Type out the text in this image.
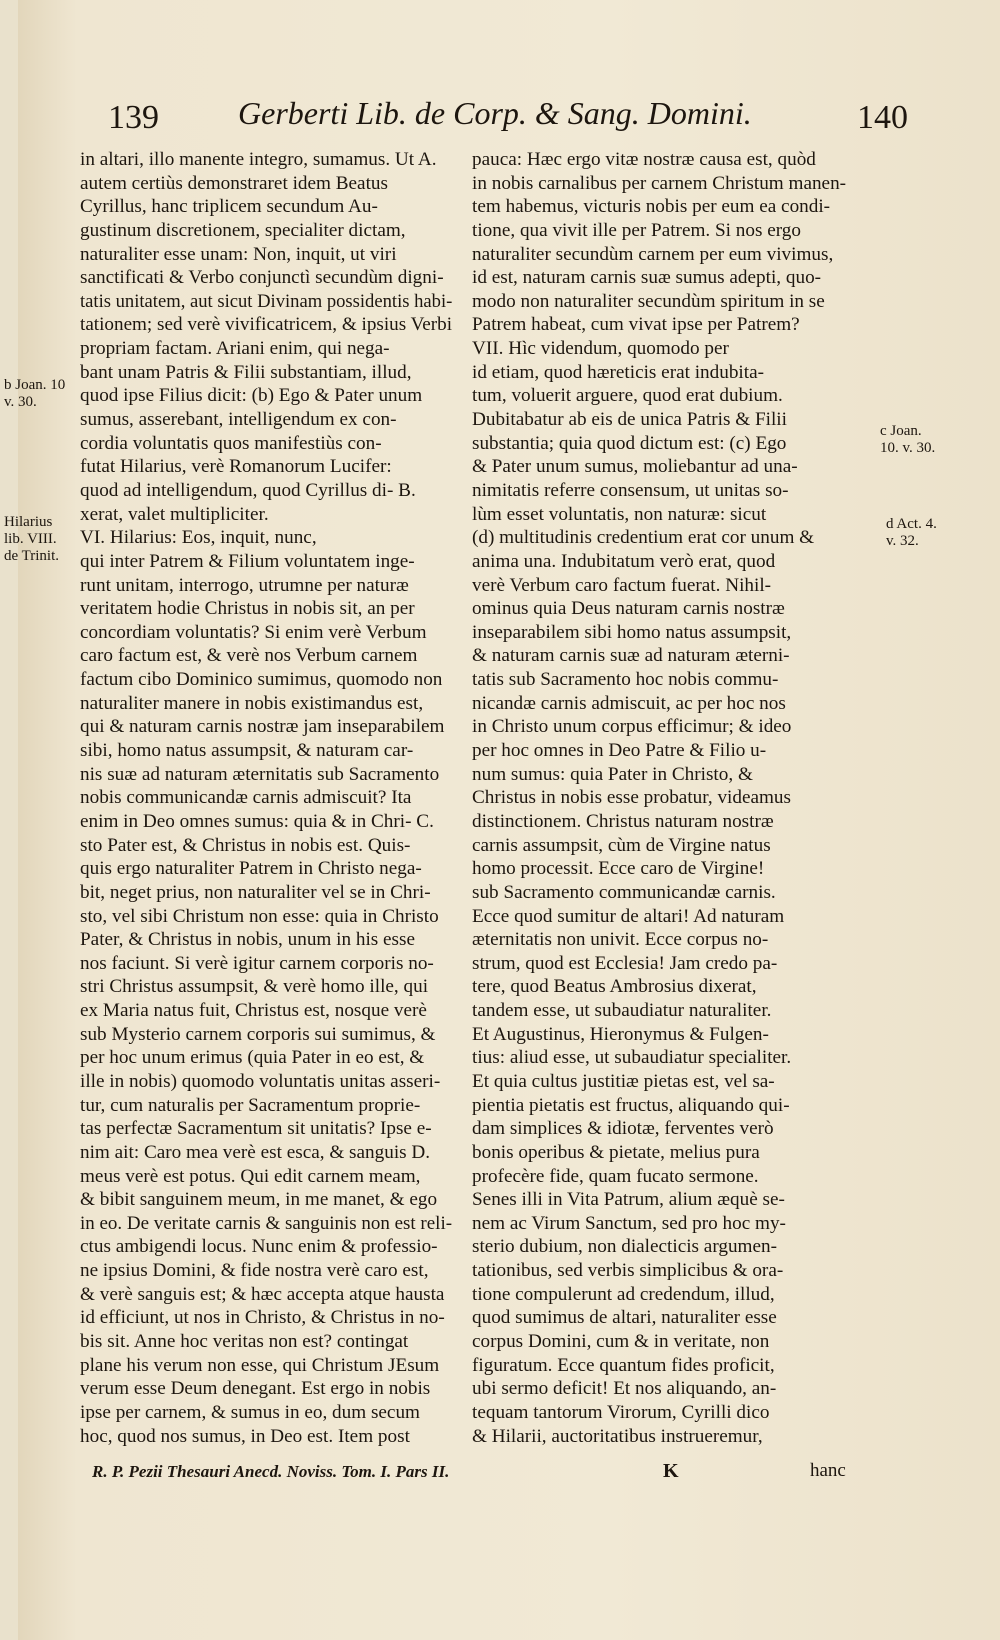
139 Gerberti Lib. de Corp. & Sang. Domini.	140
in altari, illo manente integro, sumamus. Ut A.
autem certiùs demonstraret idem Beatus
Cyrillus, hanc triplicem secundum Au-
gustinum discretionem, specialiter dictam,
naturaliter esse unam: Non, inquit, ut viri
sanctificati & Verbo conjunctì secundùm digni-
tatis unitatem, aut sicut Divinam possidentis habi-
tationem; sed verè vivificatricem, & ipsius Verbi
propriam factam. Ariani enim, qui nega-
bant unam Patris & Filii substantiam, illud,
quod ipse Filius dicit: (b) Ego & Pater unum
sumus, asserebant, intelligendum ex con-
cordia voluntatis quos manifestiùs con-
futat Hilarius, verè Romanorum Lucifer:
quod ad intelligendum, quod Cyrillus di- B.
xerat, valet multipliciter.
VI. Hilarius: Eos, inquit, nunc,
qui inter Patrem & Filium voluntatem inge-
runt unitam, interrogo, utrumne per naturæ
veritatem hodie Christus in nobis sit, an per
concordiam voluntatis? Si enim verè Verbum
caro factum est, & verè nos Verbum carnem
factum cibo Dominico sumimus, quomodo non
naturaliter manere in nobis existimandus est,
qui & naturam carnis nostræ jam inseparabilem
sibi, homo natus assumpsit, & naturam car-
nis suæ ad naturam æternitatis sub Sacramento
nobis communicandæ carnis admiscuit? Ita
enim in Deo omnes sumus: quia & in Chri- C.
sto Pater est, & Christus in nobis est. Quis-
quis ergo naturaliter Patrem in Christo nega-
bit, neget prius, non naturaliter vel se in Chri-
sto, vel sibi Christum non esse: quia in Christo
Pater, & Christus in nobis, unum in his esse
nos faciunt. Si verè igitur carnem corporis no-
stri Christus assumpsit, & verè homo ille, qui
ex Maria natus fuit, Christus est, nosque verè
sub Mysterio carnem corporis sui sumimus, &
per hoc unum erimus (quia Pater in eo est, &
ille in nobis) quomodo voluntatis unitas asseri-
tur, cum naturalis per Sacramentum proprie-
tas perfectæ Sacramentum sit unitatis? Ipse e-
nim ait: Caro mea verè est esca, & sanguis D.
meus verè est potus. Qui edit carnem meam,
& bibit sanguinem meum, in me manet, & ego
in eo. De veritate carnis & sanguinis non est reli-
ctus ambigendi locus. Nunc enim & professio-
ne ipsius Domini, & fide nostra verè caro est,
& verè sanguis est; & hæc accepta atque hausta
id efficiunt, ut nos in Christo, & Christus in no-
bis sit. Anne hoc veritas non est? contingat
plane his verum non esse, qui Christum JEsum
verum esse Deum denegant. Est ergo in nobis
ipse per carnem, & sumus in eo, dum secum
hoc, quod nos sumus, in Deo est. Item post
pauca: Hæc ergo vitæ nostræ causa est, quòd
in nobis carnalibus per carnem Christum manen-
tem habemus, victuris nobis per eum ea condi-
tione, qua vivit ille per Patrem. Si nos ergo
naturaliter secundùm carnem per eum vivimus,
id est, naturam carnis suæ sumus adepti, quo-
modo non naturaliter secundùm spiritum in se
Patrem habeat, cum vivat ipse per Patrem?
VII. Hìc videndum, quomodo per
id etiam, quod hæreticis erat indubita-
tum, voluerit arguere, quod erat dubium.
Dubitabatur ab eis de unica Patris & Filii
substantia; quia quod dictum est: (c) Ego
& Pater unum sumus, moliebantur ad una-
nimitatis referre consensum, ut unitas so-
lùm esset voluntatis, non naturæ: sicut
(d) multitudinis credentium erat cor unum &
anima una. Indubitatum verò erat, quod
verè Verbum caro factum fuerat. Nihil-
ominus quia Deus naturam carnis nostræ
inseparabilem sibi homo natus assumpsit,
& naturam carnis suæ ad naturam æterni-
tatis sub Sacramento hoc nobis commu-
nicandæ carnis admiscuit, ac per hoc nos
in Christo unum corpus efficimur; & ideo
per hoc omnes in Deo Patre & Filio u-
num sumus: quia Pater in Christo, &
Christus in nobis esse probatur, videamus
distinctionem. Christus naturam nostræ
carnis assumpsit, cùm de Virgine natus
homo processit. Ecce caro de Virgine!
sub Sacramento communicandæ carnis.
Ecce quod sumitur de altari! Ad naturam
æternitatis non univit. Ecce corpus no-
strum, quod est Ecclesia! Jam credo pa-
tere, quod Beatus Ambrosius dixerat,
tandem esse, ut subaudiatur naturaliter.
Et Augustinus, Hieronymus & Fulgen-
tius: aliud esse, ut subaudiatur specialiter.
Et quia cultus justitiæ pietas est, vel sa-
pientia pietatis est fructus, aliquando qui-
dam simplices & idiotæ, ferventes verò
bonis operibus & pietate, melius pura
profecère fide, quam fucato sermone.
Senes illi in Vita Patrum, alium æquè se-
nem ac Virum Sanctum, sed pro hoc my-
sterio dubium, non dialecticis argumen-
tationibus, sed verbis simplicibus & ora-
tione compulerunt ad credendum, illud,
quod sumimus de altari, naturaliter esse
corpus Domini, cum & in veritate, non
figuratum. Ecce quantum fides proficit,
ubi sermo deficit! Et nos aliquando, an-
tequam tantorum Virorum, Cyrilli dico
& Hilarii, auctoritatibus instrueremur,
b Joan. 10
v. 30.
Hilarius
lib. VIII.
de Trinit.
c Joan.
10. v. 30.
d Act. 4.
v. 32.
R. P. Pezii Thesauri Anecd. Noviss. Tom. I. Pars II.	K	hanc
